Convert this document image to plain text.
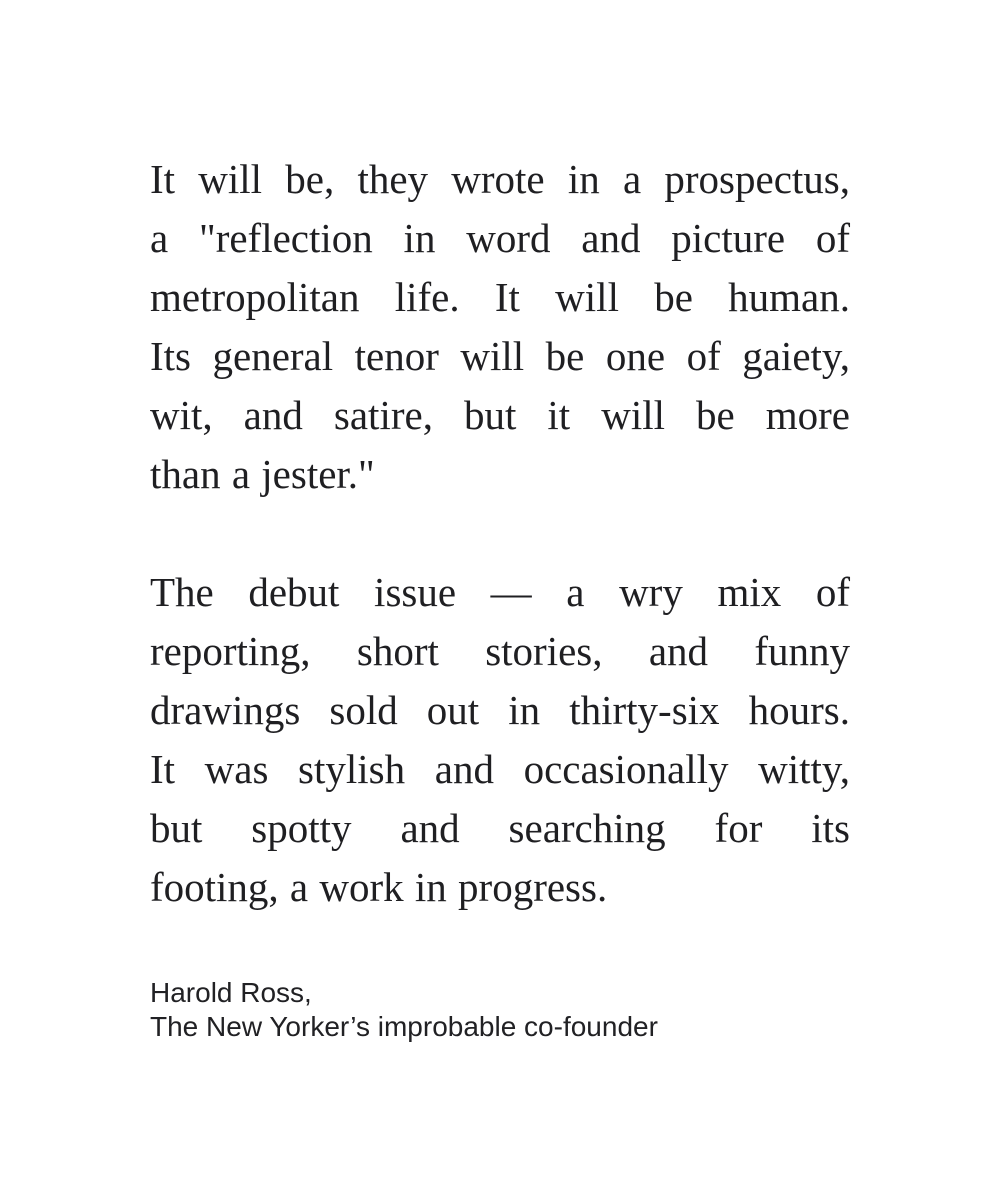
It will be, they wrote in a prospectus,
a "reflection in word and picture of
metropolitan life. It will be human.
Its general tenor will be one of gaiety,
wit, and satire, but it will be more
than a jester."
The debut issue — a wry mix of
reporting, short stories, and funny
drawings sold out in thirty-six hours.
It was stylish and occasionally witty,
but spotty and searching for its
footing, a work in progress.
Harold Ross,
The New Yorker’s improbable co-founder
